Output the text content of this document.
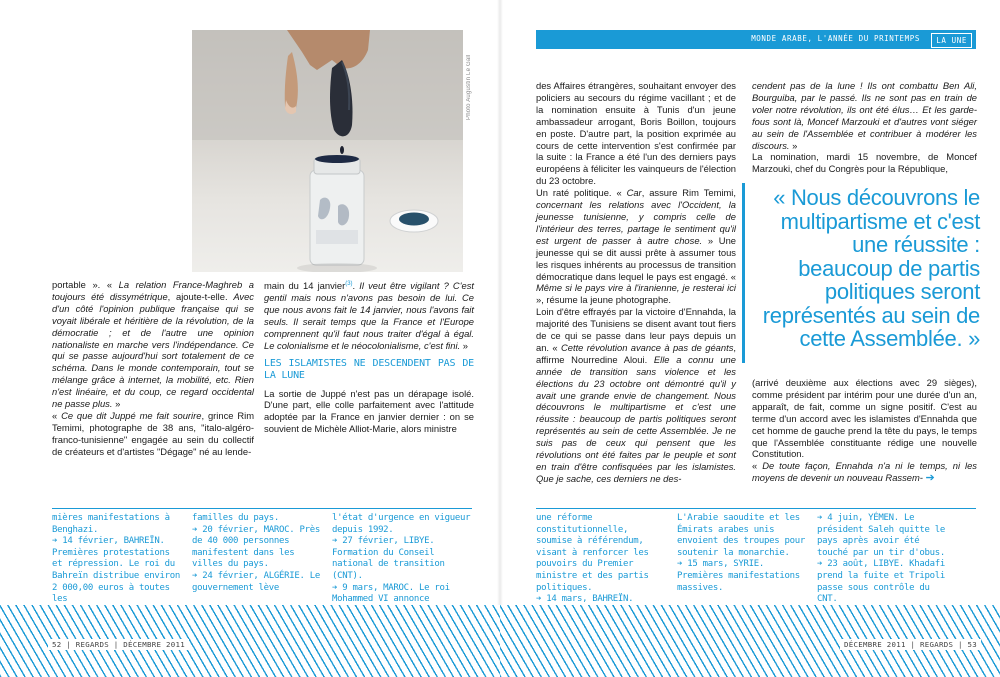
Photo Augustin Le Gall

portable ». « La relation France-Maghreb a toujours été dissymétrique, ajoute-t-elle. Avec d'un côté l'opinion publique française qui se voyait libérale et héritière de la révolution, de la démocratie ; et de l'autre une opinion nationaliste en marche vers l'indépendance. Ce qui se passe aujourd'hui sort totalement de ce schéma. Dans le monde contemporain, tout se mélange grâce à internet, la mobilité, etc. Rien n'est linéaire, et du coup, ce regard occidental ne passe plus. »

« Ce que dit Juppé me fait sourire, grince Rim Temimi, photographe de 38 ans, "italo-algéro-franco-tunisienne" engagée au sein du collectif de créateurs et d'artistes "Dégage" né au lende-

main du 14 janvier$^{(3)}$. Il veut être vigilant ? C'est gentil mais nous n'avons pas besoin de lui. Ce que nous avons fait le 14 janvier, nous l'avons fait seuls. Il serait temps que la France et l'Europe comprennent qu'il faut nous traiter d'égal à égal. Le colonialisme et le néocolonialisme, c'est fini. »

LES ISLAMISTES NE DESCENDENT PAS DE LA LUNE

La sortie de Juppé n'est pas un dérapage isolé. D'une part, elle colle parfaitement avec l'attitude adoptée par la France en janvier dernier : on se souvient de Michèle Alliot-Marie, alors ministre

MONDE ARABE, L'ANNÉE DU PRINTEMPS	LA UNE

des Affaires étrangères, souhaitant envoyer des policiers au secours du régime vacillant ; et de la nomination ensuite à Tunis d'un jeune ambassadeur arrogant, Boris Boillon, toujours en poste. D'autre part, la position exprimée au cours de cette intervention s'est confirmée par la suite : la France a été l'un des derniers pays européens à féliciter les vainqueurs de l'élection du 23 octobre.

Un raté politique. « Car, assure Rim Temimi, concernant les relations avec l'Occident, la jeunesse tunisienne, y compris celle de l'intérieur des terres, partage le sentiment qu'il est urgent de passer à autre chose. » Une jeunesse qui se dit aussi prête à assumer tous les risques inhérents au processus de transition démocratique dans lequel le pays est engagé. « Même si le pays vire à l'iranienne, je resterai ici », résume la jeune photographe.

Loin d'être effrayés par la victoire d'Ennahda, la majorité des Tunisiens se disent avant tout fiers de ce qui se passe dans leur pays depuis un an. « Cette révolution avance à pas de géants, affirme Nourredine Aloui. Elle a connu une année de transition sans violence et les élections du 23 octobre ont démontré qu'il y avait une grande envie de changement. Nous découvrons le multipartisme et c'est une réussite : beaucoup de partis politiques seront représentés au sein de cette Assemblée. Je ne suis pas de ceux qui pensent que les révolutions ont été faites par le peuple et sont en train d'être confisquées par les islamistes. Que je sache, ces derniers ne des-

cendent pas de la lune ! Ils ont combattu Ben Ali, Bourguiba, par le passé. Ils ne sont pas en train de voler notre révolution, ils ont été élus… Et les garde-fous sont là, Moncef Marzouki et d'autres vont siéger au sein de l'Assemblée et contribuer à modérer les discours. »

La nomination, mardi 15 novembre, de Moncef Marzouki, chef du Congrès pour la République,

« Nous découvrons le multipartisme et c'est une réussite : beaucoup de partis politiques seront représentés au sein de cette Assemblée. »

(arrivé deuxième aux élections avec 29 sièges), comme président par intérim pour une durée d'un an, apparaît, de fait, comme un signe positif. C'est au terme d'un accord avec les islamistes d'Ennahda que cet homme de gauche prend la tête du pays, le temps que l'Assemblée constituante rédige une nouvelle Constitution.

« De toute façon, Ennahda n'a ni le temps, ni les moyens de devenir un nouveau Rassem- ➔

mières manifestations à Benghazi.

➔ 14 février, BAHREÏN. Premières protestations et répression. Le roi du Bahreïn distribue environ 2 000,00 euros à toutes les

familles du pays.

➔ 20 février, MAROC. Près de 40 000 personnes manifestent dans les villes du pays.

➔ 24 février, ALGÉRIE. Le gouvernement lève

l'état d'urgence en vigueur depuis 1992.

➔ 27 février, LIBYE. Formation du Conseil national de transition (CNT).

➔ 9 mars, MAROC. Le roi Mohammed VI annonce

une réforme constitutionnelle, soumise à référendum, visant à renforcer les pouvoirs du Premier ministre et des partis politiques.

➔ 14 mars, BAHREÏN.

L'Arabie saoudite et les Émirats arabes unis envoient des troupes pour soutenir la monarchie.

➔ 15 mars, SYRIE. Premières manifestations massives.

➔ 4 juin, YÉMEN. Le président Saleh quitte le pays après avoir été touché par un tir d'obus.

➔ 23 août, LIBYE. Khadafi prend la fuite et Tripoli passe sous contrôle du CNT.

52 | REGARDS | DÉCEMBRE 2011	DÉCEMBRE 2011 | REGARDS | 53
